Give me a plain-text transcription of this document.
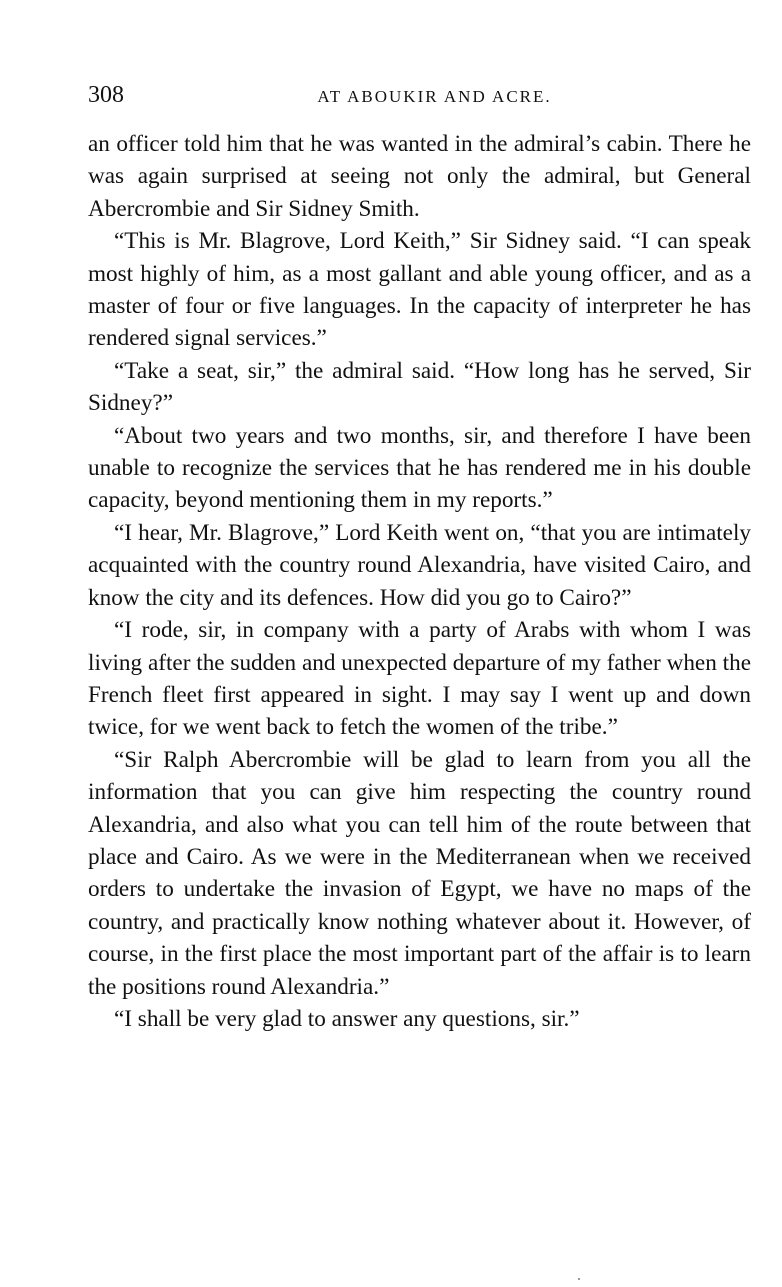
308	AT ABOUKIR AND ACRE.

an officer told him that he was wanted in the admiral’s cabin. There he was again surprised at seeing not only the admiral, but General Abercrombie and Sir Sidney Smith.

“This is Mr. Blagrove, Lord Keith,” Sir Sidney said. “I can speak most highly of him, as a most gallant and able young officer, and as a master of four or five languages. In the capacity of interpreter he has rendered signal services.”

“Take a seat, sir,” the admiral said. “How long has he served, Sir Sidney?”

“About two years and two months, sir, and therefore I have been unable to recognize the services that he has rendered me in his double capacity, beyond mentioning them in my reports.”

“I hear, Mr. Blagrove,” Lord Keith went on, “that you are intimately acquainted with the country round Alexandria, have visited Cairo, and know the city and its defences. How did you go to Cairo?”

“I rode, sir, in company with a party of Arabs with whom I was living after the sudden and unexpected departure of my father when the French fleet first appeared in sight. I may say I went up and down twice, for we went back to fetch the women of the tribe.”

“Sir Ralph Abercrombie will be glad to learn from you all the information that you can give him respecting the country round Alexandria, and also what you can tell him of the route between that place and Cairo. As we were in the Mediterranean when we received orders to undertake the invasion of Egypt, we have no maps of the country, and practically know nothing whatever about it. However, of course, in the first place the most important part of the affair is to learn the positions round Alexandria.”

“I shall be very glad to answer any questions, sir.”
